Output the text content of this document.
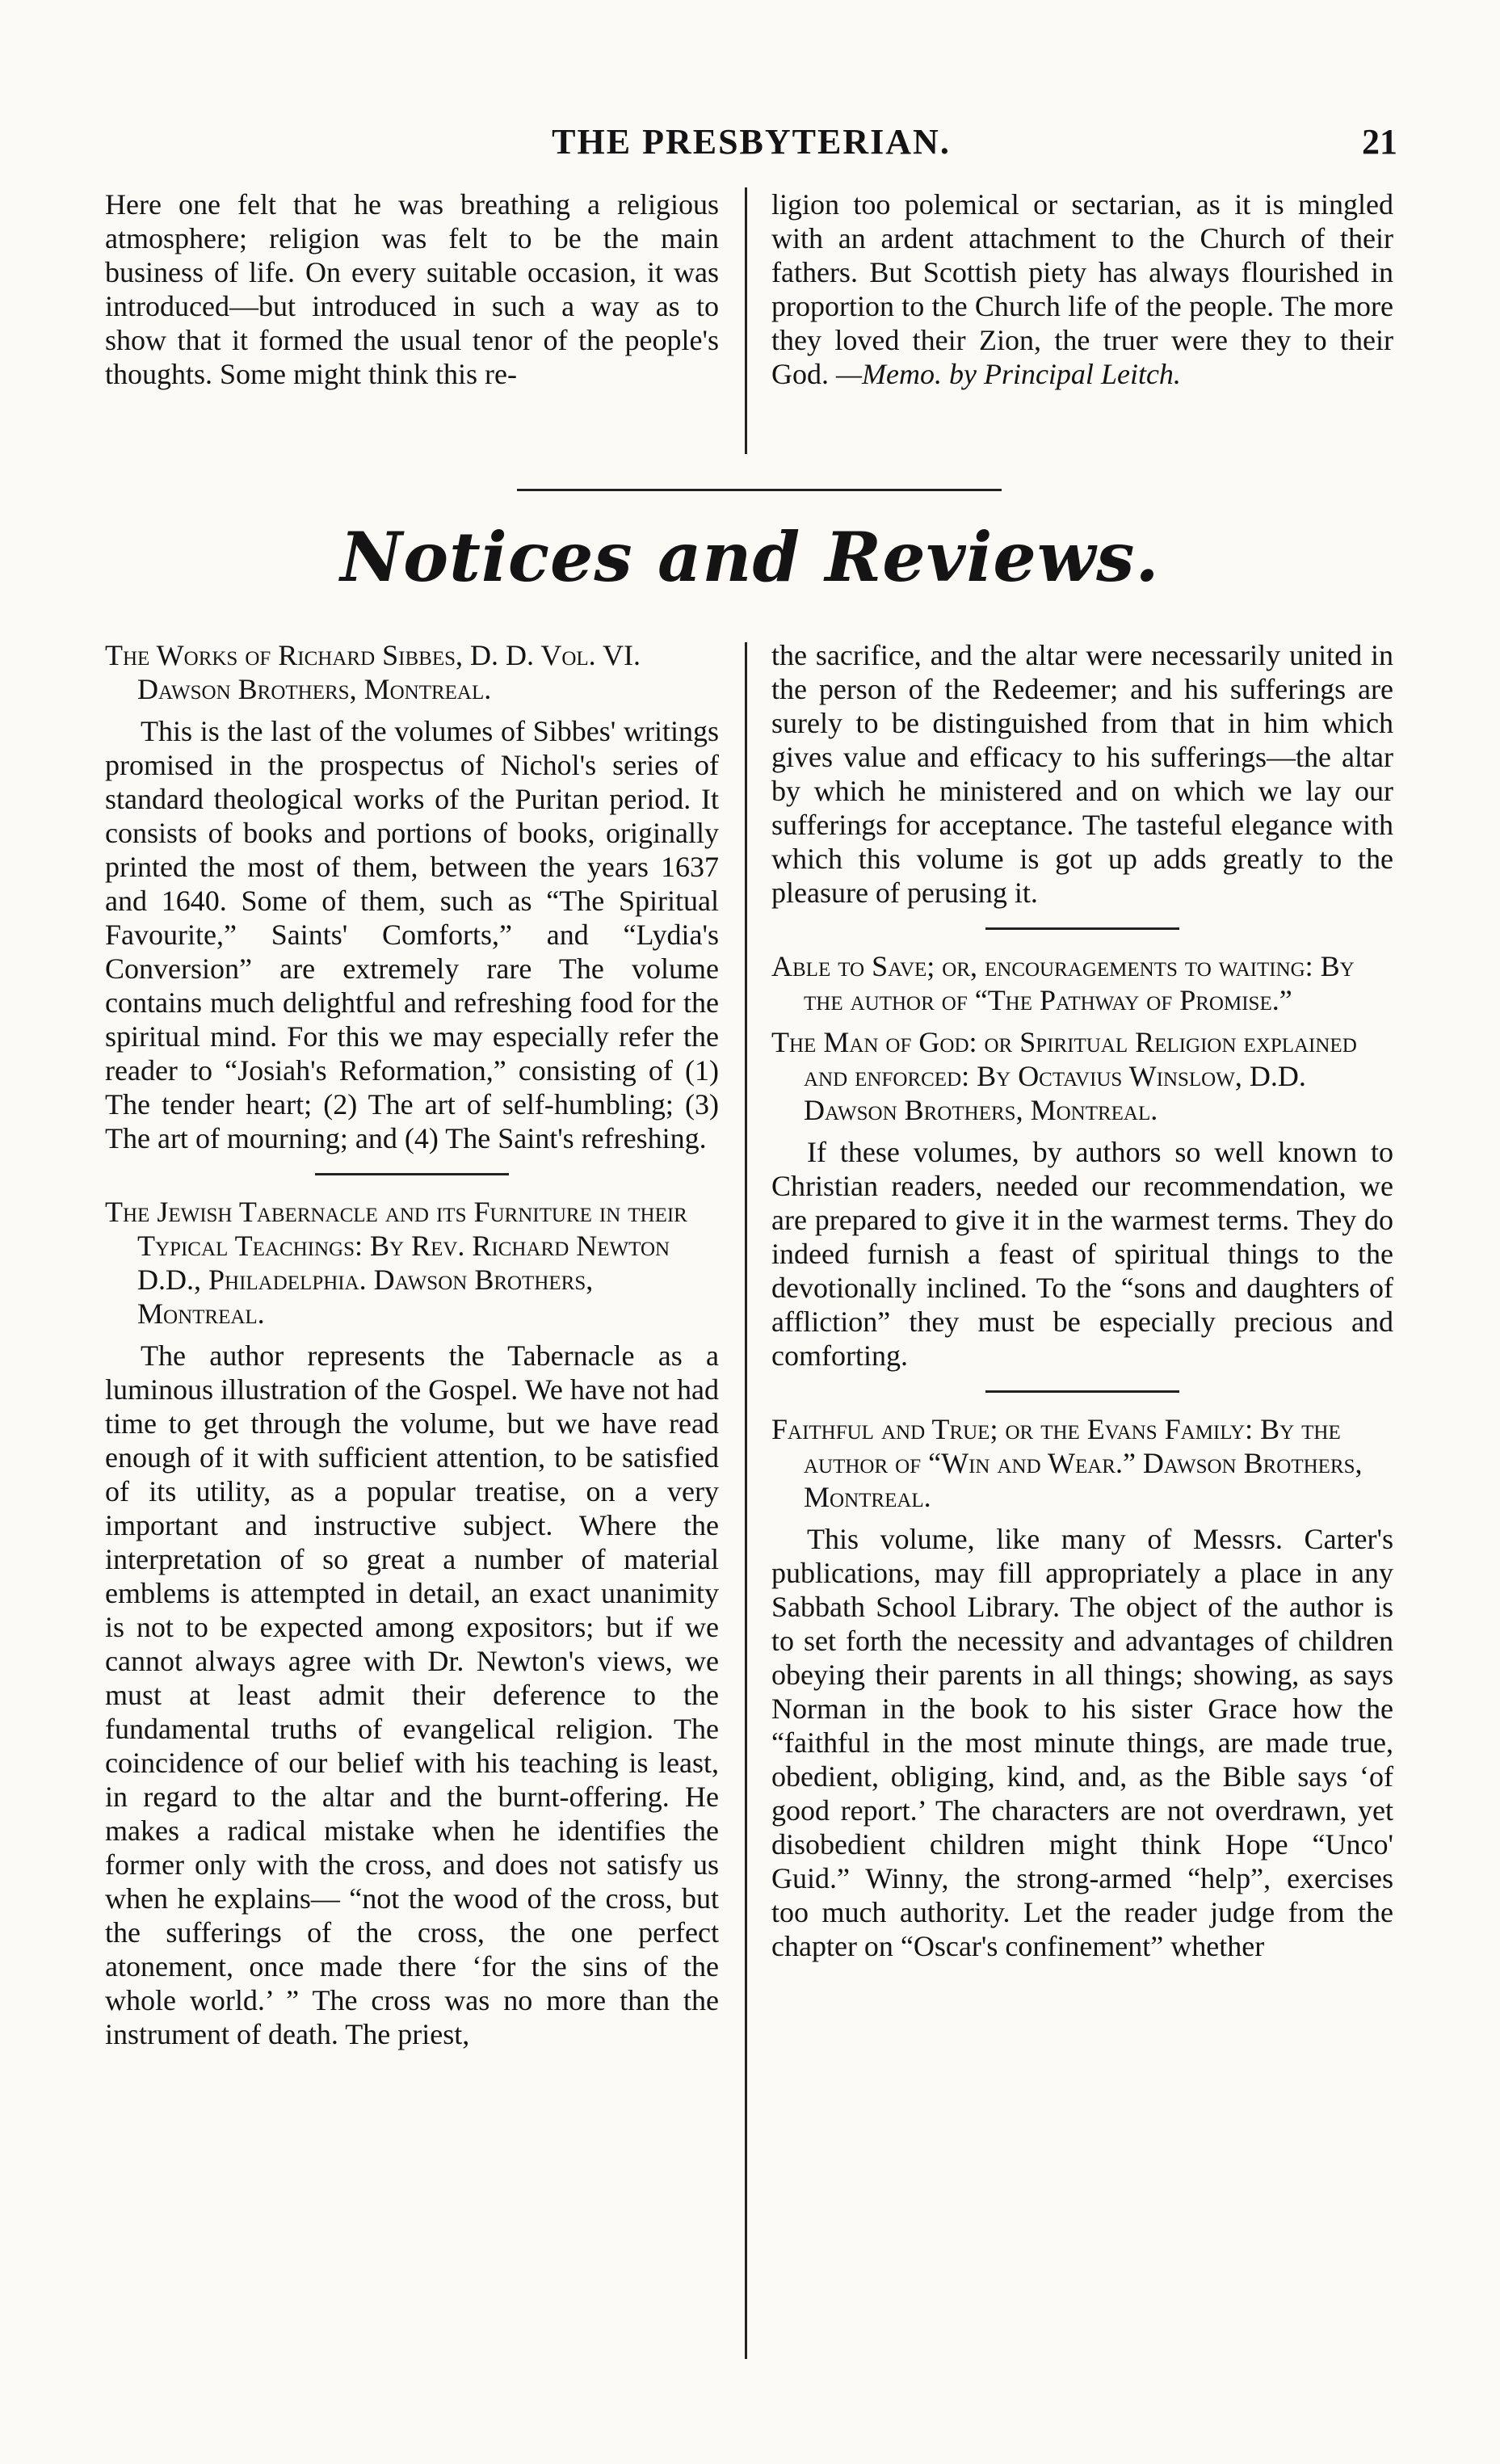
THE PRESBYTERIAN.	21

Here one felt that he was breathing a religious atmosphere; religion was felt to be the main business of life. On every suitable occasion, it was introduced—but introduced in such a way as to show that it formed the usual tenor of the people's thoughts. Some might think this re-

ligion too polemical or sectarian, as it is mingled with an ardent attachment to the Church of their fathers. But Scottish piety has always flourished in proportion to the Church life of the people. The more they loved their Zion, the truer were they to their God. —Memo. by Principal Leitch.

Notices and Reviews.

The Works of Richard Sibbes, D. D. Vol. VI. Dawson Brothers, Montreal.

This is the last of the volumes of Sibbes' writings promised in the prospectus of Nichol's series of standard theological works of the Puritan period. It consists of books and portions of books, originally printed the most of them, between the years 1637 and 1640. Some of them, such as “The Spiritual Favourite,” Saints' Comforts,” and “Lydia's Conversion” are extremely rare The volume contains much delightful and refreshing food for the spiritual mind. For this we may especially refer the reader to “Josiah's Reformation,” consisting of (1) The tender heart; (2) The art of self-humbling; (3) The art of mourning; and (4) The Saint's refreshing.

The Jewish Tabernacle and its Furniture in their Typical Teachings: By Rev. Richard Newton D.D., Philadelphia. Dawson Brothers, Montreal.

The author represents the Tabernacle as a luminous illustration of the Gospel. We have not had time to get through the volume, but we have read enough of it with sufficient attention, to be satisfied of its utility, as a popular treatise, on a very important and instructive subject. Where the interpretation of so great a number of material emblems is attempted in detail, an exact unanimity is not to be expected among expositors; but if we cannot always agree with Dr. Newton's views, we must at least admit their deference to the fundamental truths of evangelical religion. The coincidence of our belief with his teaching is least, in regard to the altar and the burnt-offering. He makes a radical mistake when he identifies the former only with the cross, and does not satisfy us when he explains— “not the wood of the cross, but the sufferings of the cross, the one perfect atonement, once made there ‘for the sins of the whole world.’ ” The cross was no more than the instrument of death. The priest,

the sacrifice, and the altar were necessarily united in the person of the Redeemer; and his sufferings are surely to be distinguished from that in him which gives value and efficacy to his sufferings—the altar by which he ministered and on which we lay our sufferings for acceptance. The tasteful elegance with which this volume is got up adds greatly to the pleasure of perusing it.

Able to Save; or, encouragements to waiting: By the author of “The Pathway of Promise.”

The Man of God: or Spiritual Religion explained and enforced: By Octavius Winslow, D.D. Dawson Brothers, Montreal.

If these volumes, by authors so well known to Christian readers, needed our recommendation, we are prepared to give it in the warmest terms. They do indeed furnish a feast of spiritual things to the devotionally inclined. To the “sons and daughters of affliction” they must be especially precious and comforting.

Faithful and True; or the Evans Family: By the author of “Win and Wear.” Dawson Brothers, Montreal.

This volume, like many of Messrs. Carter's publications, may fill appropriately a place in any Sabbath School Library. The object of the author is to set forth the necessity and advantages of children obeying their parents in all things; showing, as says Norman in the book to his sister Grace how the “faithful in the most minute things, are made true, obedient, obliging, kind, and, as the Bible says ‘of good report.’ The characters are not overdrawn, yet disobedient children might think Hope “Unco' Guid.” Winny, the strong-armed “help”, exercises too much authority. Let the reader judge from the chapter on “Oscar's confinement” whether
